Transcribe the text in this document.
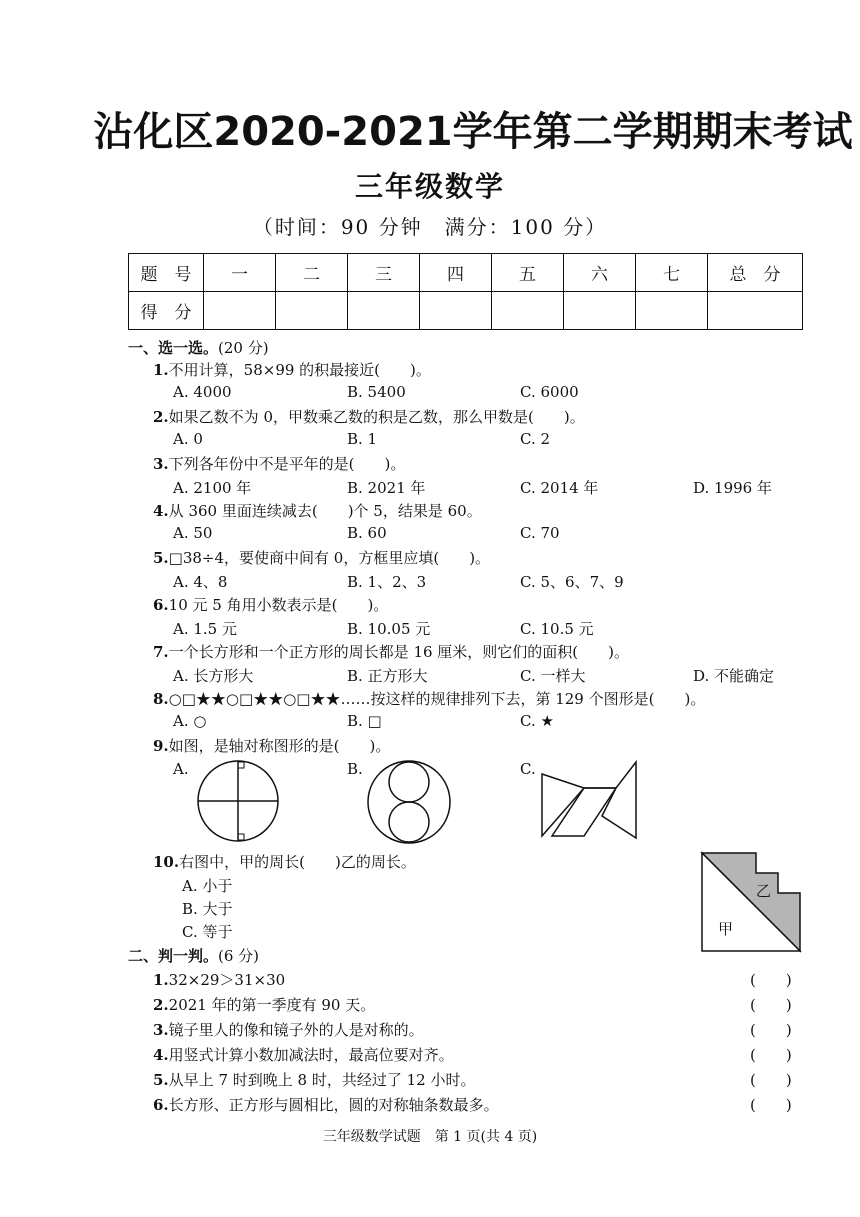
沾化区2020-2021学年第二学期期末考试
三年级数学
（时间：90 分钟　满分：100 分）
题　号	一	二	三	四	五	六	七	总　分
得　分								
一、选一选。(20 分)
1.不用计算，58×99 的积最接近(　　)。
A. 4000	B. 5400	C. 6000
2.如果乙数不为 0，甲数乘乙数的积是乙数，那么甲数是(　　)。
A. 0	B. 1	C. 2
3.下列各年份中不是平年的是(　　)。
A. 2100 年	B. 2021 年	C. 2014 年	D. 1996 年
4.从 360 里面连续减去(　　)个 5，结果是 60。
A. 50	B. 60	C. 70
5.□38÷4，要使商中间有 0，方框里应填(　　)。
A. 4、8	B. 1、2、3	C. 5、6、7、9
6.10 元 5 角用小数表示是(　　)。
A. 1.5 元	B. 10.05 元	C. 10.5 元
7.一个长方形和一个正方形的周长都是 16 厘米，则它们的面积(　　)。
A. 长方形大	B. 正方形大	C. 一样大	D. 不能确定
8.○□★★○□★★○□★★……按这样的规律排列下去，第 129 个图形是(　　)。
A. ○	B. □	C. ★
9.如图，是轴对称图形的是(　　)。
A.	B.	C.
10.右图中，甲的周长(　　)乙的周长。
A. 小于
B. 大于
C. 等于
乙
甲
二、判一判。(6 分)
1.32×29＞31×30	(　　)
2.2021 年的第一季度有 90 天。	(　　)
3.镜子里人的像和镜子外的人是对称的。	(　　)
4.用竖式计算小数加减法时，最高位要对齐。	(　　)
5.从早上 7 时到晚上 8 时，共经过了 12 小时。	(　　)
6.长方形、正方形与圆相比，圆的对称轴条数最多。	(　　)
三年级数学试题　第 1 页(共 4 页)
